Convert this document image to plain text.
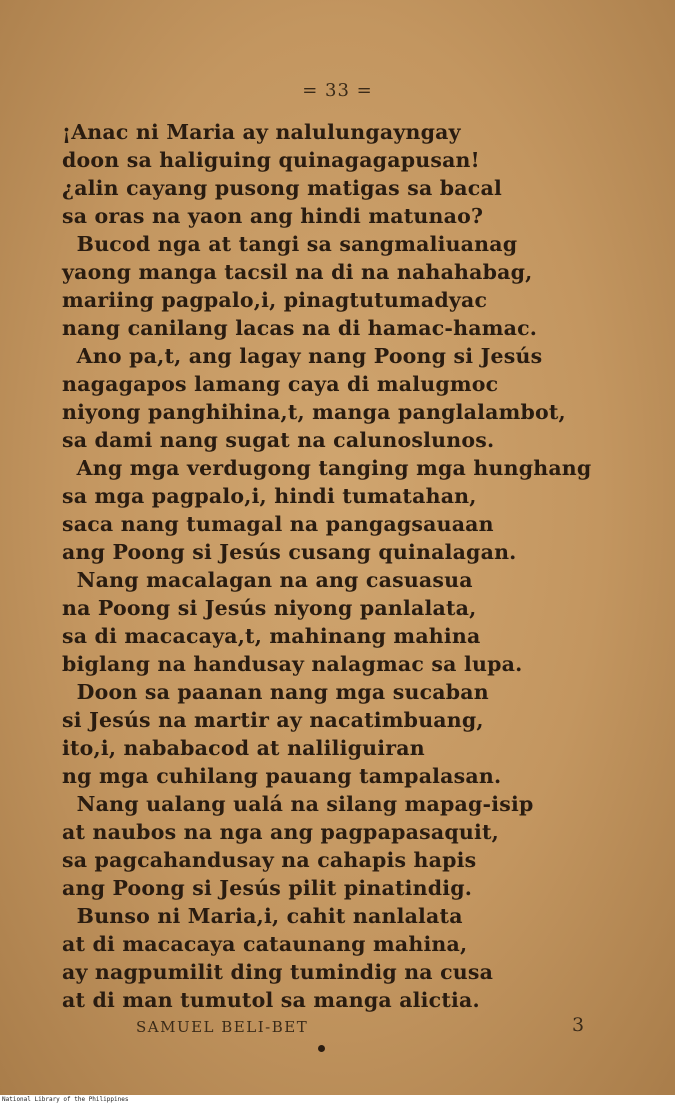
= 33 =
¡Anac ni Maria ay nalulungayngay
doon sa haliguing quinagagapusan!
¿alin cayang pusong matigas sa bacal
sa oras na yaon ang hindi matunao?
Bucod nga at tangi sa sangmaliuanag
yaong manga tacsil na di na nahahabag,
mariing pagpalo,i, pinagtutumadyac
nang canilang lacas na di hamac-hamac.
Ano pa,t, ang lagay nang Poong si Jesús
nagagapos lamang caya di malugmoc
niyong panghihina,t, manga panglalambot,
sa dami nang sugat na calunoslunos.
Ang mga verdugong tanging mga hunghang
sa mga pagpalo,i, hindi tumatahan,
saca nang tumagal na pangagsauaan
ang Poong si Jesús cusang quinalagan.
Nang macalagan na ang casuasua
na Poong si Jesús niyong panlalata,
sa di macacaya,t, mahinang mahina
biglang na handusay nalagmac sa lupa.
Doon sa paanan nang mga sucaban
si Jesús na martir ay nacatimbuang,
ito,i, nababacod at naliliguiran
ng mga cuhilang pauang tampalasan.
Nang ualang ualá na silang mapag-isip
at naubos na nga ang pagpapasaquit,
sa pagcahandusay na cahapis hapis
ang Poong si Jesús pilit pinatindig.
Bunso ni Maria,i, cahit nanlalata
at di macacaya cataunang mahina,
ay nagpumilit ding tumindig na cusa
at di man tumutol sa manga alictia.
SAMUEL BELI-BET	3
National Library of the Philippines
